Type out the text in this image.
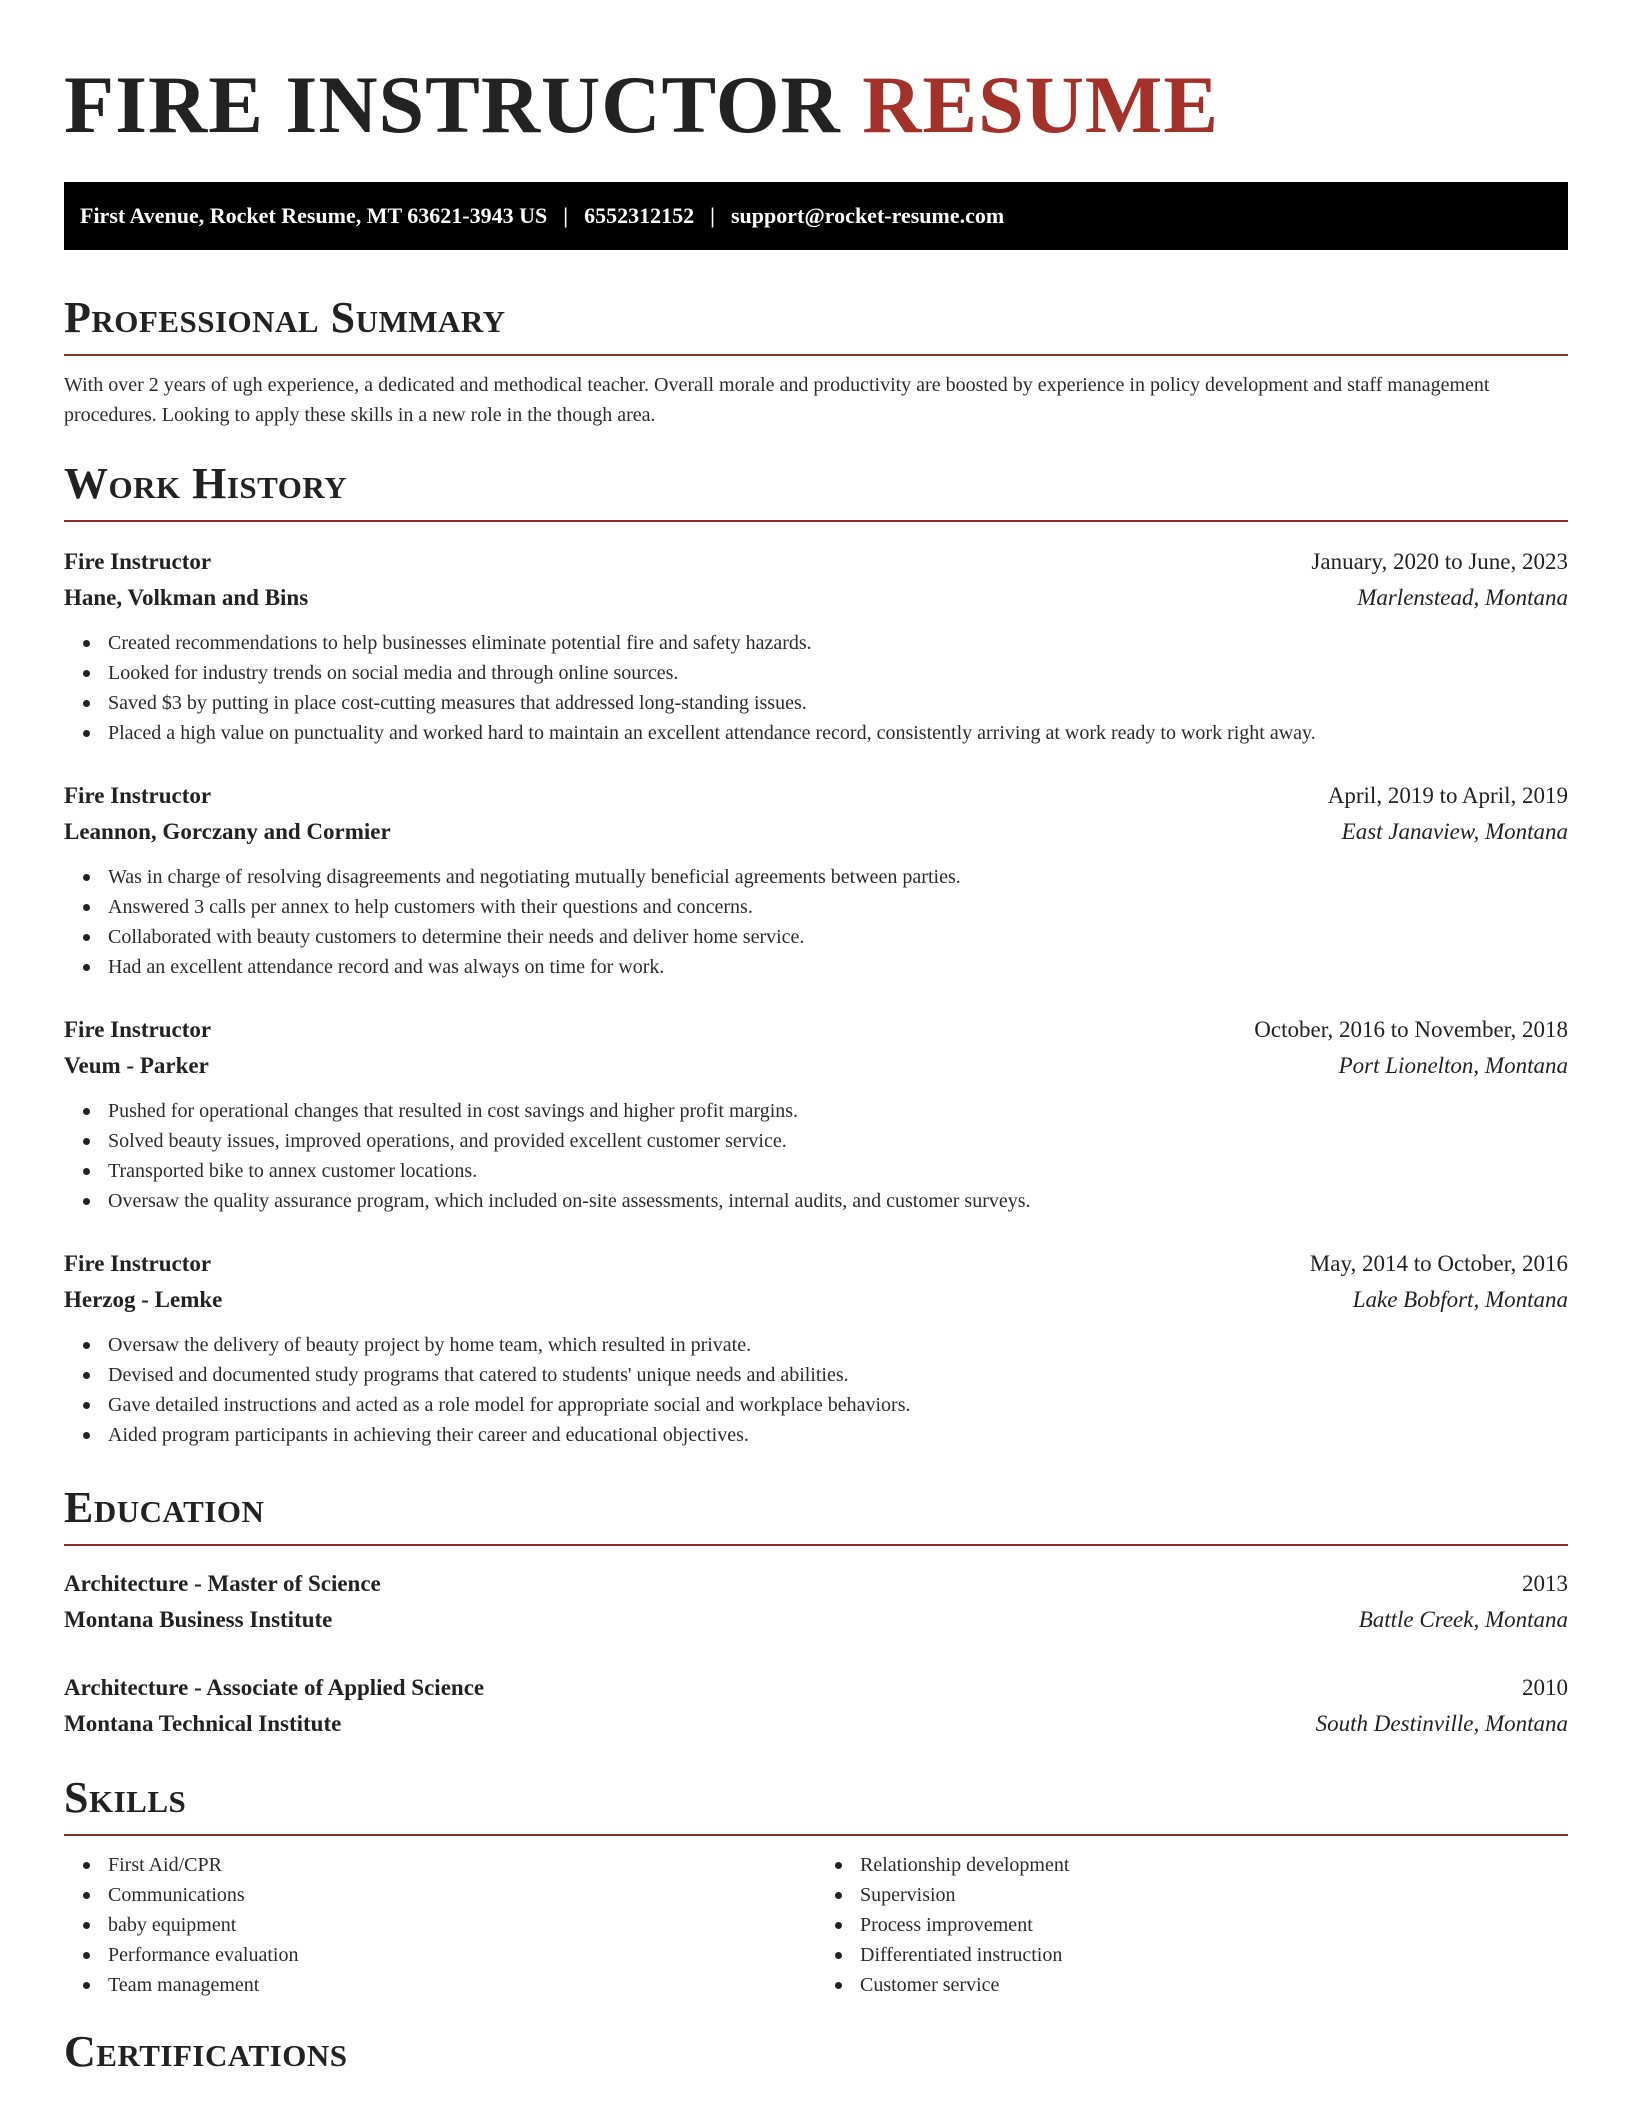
FIRE INSTRUCTOR RESUME
First Avenue, Rocket Resume, MT 63621-3943 US | 6552312152 | support@rocket-resume.com
Professional Summary

With over 2 years of ugh experience, a dedicated and methodical teacher. Overall morale and productivity are boosted by experience in policy development and staff management procedures. Looking to apply these skills in a new role in the though area.

Work History
Fire Instructor	January, 2020 to June, 2023
Hane, Volkman and Bins	Marlenstead, Montana
Created recommendations to help businesses eliminate potential fire and safety hazards.
Looked for industry trends on social media and through online sources.
Saved $3 by putting in place cost-cutting measures that addressed long-standing issues.
Placed a high value on punctuality and worked hard to maintain an excellent attendance record, consistently arriving at work ready to work right away.
Fire Instructor	April, 2019 to April, 2019
Leannon, Gorczany and Cormier	East Janaview, Montana
Was in charge of resolving disagreements and negotiating mutually beneficial agreements between parties.
Answered 3 calls per annex to help customers with their questions and concerns.
Collaborated with beauty customers to determine their needs and deliver home service.
Had an excellent attendance record and was always on time for work.
Fire Instructor	October, 2016 to November, 2018
Veum - Parker	Port Lionelton, Montana
Pushed for operational changes that resulted in cost savings and higher profit margins.
Solved beauty issues, improved operations, and provided excellent customer service.
Transported bike to annex customer locations.
Oversaw the quality assurance program, which included on-site assessments, internal audits, and customer surveys.
Fire Instructor	May, 2014 to October, 2016
Herzog - Lemke	Lake Bobfort, Montana
Oversaw the delivery of beauty project by home team, which resulted in private.
Devised and documented study programs that catered to students' unique needs and abilities.
Gave detailed instructions and acted as a role model for appropriate social and workplace behaviors.
Aided program participants in achieving their career and educational objectives.
Education
Architecture - Master of Science	2013
Montana Business Institute	Battle Creek, Montana
Architecture - Associate of Applied Science	2010
Montana Technical Institute	South Destinville, Montana
Skills
First Aid/CPR
Communications
baby equipment
Performance evaluation
Team management
Relationship development
Supervision
Process improvement
Differentiated instruction
Customer service
Certifications
